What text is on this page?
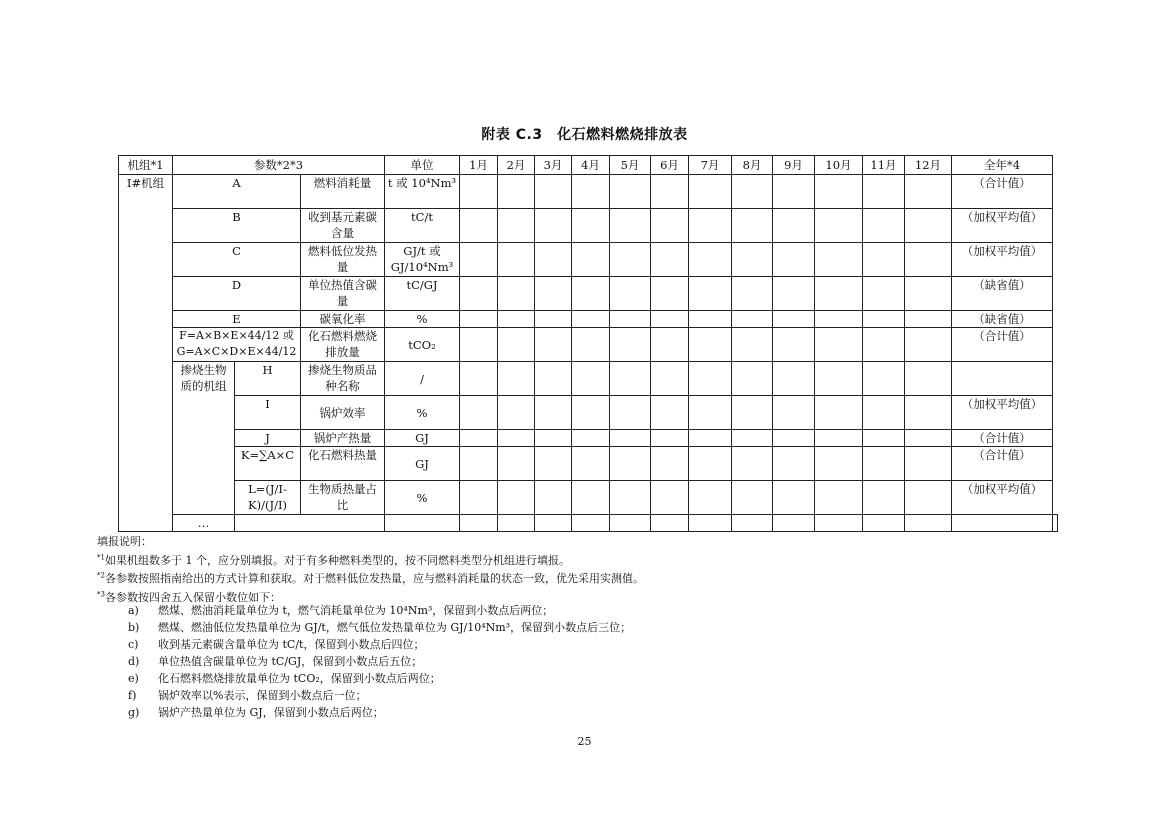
附表 C.3　化石燃料燃烧排放表
机组*1	参数*2*3			单位	1月	2月	3月	4月	5月	6月	7月	8月	9月	10月	11月	12月	全年*4	
I#机组	A		燃料消耗量	t 或 10⁴Nm³													（合计值）	
	B		收到基元素碳含量	tC/t													（加权平均值）	
	C		燃料低位发热量	GJ/t 或 GJ/10⁴Nm³													（加权平均值）	
	D		单位热值含碳量	tC/GJ													（缺省值）	
	E		碳氧化率	%													（缺省值）	
	F=A×B×E×44/12 或 G=A×C×D×E×44/12		化石燃料燃烧排放量	tCO₂													（合计值）	
	掺烧生物质的机组	H	掺烧生物质品种名称	/														
		I	锅炉效率	%													（加权平均值）	
		J	锅炉产热量	GJ													（合计值）	
		K=∑A×C	化石燃料热量	GJ													（合计值）	
		L=(J/I-K)/(J/I)	生物质热量占比	%													（加权平均值）	
	…																	
填报说明：
$^{*1}$如果机组数多于 1 个，应分别填报。对于有多种燃料类型的，按不同燃料类型分机组进行填报。
$^{*2}$各参数按照指南给出的方式计算和获取。对于燃料低位发热量，应与燃料消耗量的状态一致，优先采用实测值。
$^{*3}$各参数按四舍五入保留小数位如下：
a)	燃煤、燃油消耗量单位为 t，燃气消耗量单位为 10⁴Nm³，保留到小数点后两位；
b)	燃煤、燃油低位发热量单位为 GJ/t，燃气低位发热量单位为 GJ/10⁴Nm³，保留到小数点后三位；
c)	收到基元素碳含量单位为 tC/t，保留到小数点后四位；
d)	单位热值含碳量单位为 tC/GJ，保留到小数点后五位；
e)	化石燃料燃烧排放量单位为 tCO₂，保留到小数点后两位；
f)	锅炉效率以%表示，保留到小数点后一位；
g)	锅炉产热量单位为 GJ，保留到小数点后两位；
25
